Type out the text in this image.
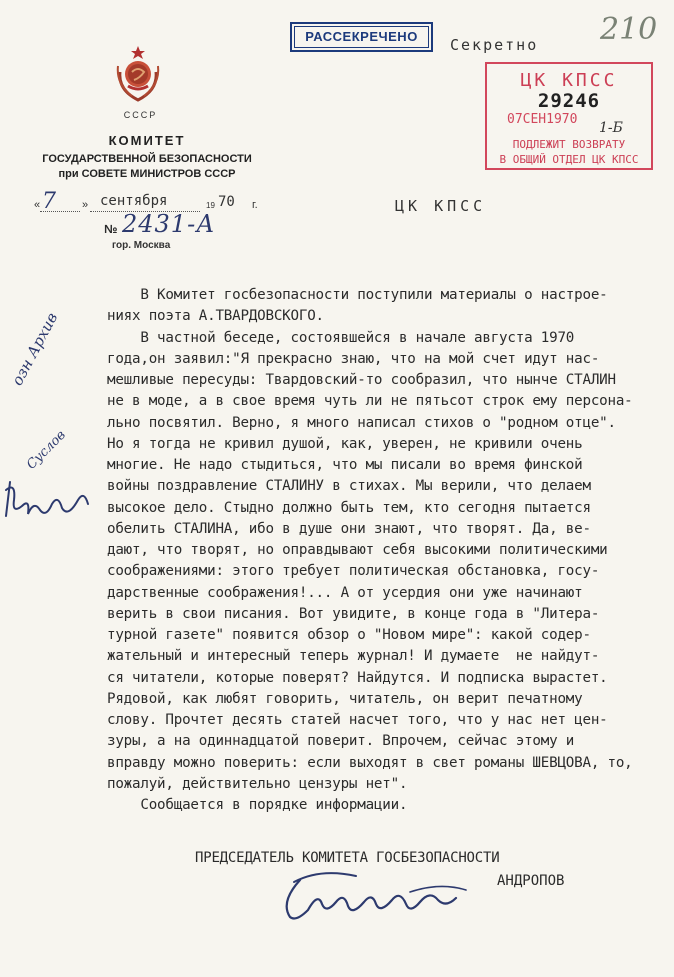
СССР
КОМИТЕТ
ГОСУДАРСТВЕННОЙ БЕЗОПАСНОСТИ
при СОВЕТЕ МИНИСТРОВ СССР
« 7 » сентября	19 70 г.
№ 2431-А
гор. Москва
РАССЕКРЕЧЕНО	Секретно 210
ЦК КПСС
29246
07СЕН1970
1-Б
ПОДЛЕЖИТ ВОЗВРАТУ
В ОБЩИЙ ОТДЕЛ ЦК КПСС
ЦК КПСС
В Комитет госбезопасности поступили материалы о настрое-
ниях поэта А.ТВАРДОВСКОГО.
В частной беседе, состоявшейся в начале августа 1970
года,он заявил:"Я прекрасно знаю, что на мой счет идут нас-
мешливые пересуды: Твардовский-то сообразил, что нынче СТАЛИН
не в моде, а в свое время чуть ли не пятьсот строк ему персона-
льно посвятил. Верно, я много написал стихов о "родном отце".
Но я тогда не кривил душой, как, уверен, не кривили очень
многие. Не надо стыдиться, что мы писали во время финской
войны поздравление СТАЛИНУ в стихах. Мы верили, что делаем
высокое дело. Стыдно должно быть тем, кто сегодня пытается
обелить СТАЛИНА, ибо в душе они знают, что творят. Да, ве-
дают, что творят, но оправдывают себя высокими политическими
соображениями: этого требует политическая обстановка, госу-
дарственные соображения!... А от усердия они уже начинают
верить в свои писания. Вот увидите, в конце года в "Литера-
турной газете" появится обзор о "Новом мире": какой содер-
жательный и интересный теперь журнал! И думаете  не найдут-
ся читатели, которые поверят? Найдутся. И подписка вырастет.
Рядовой, как любят говорить, читатель, он верит печатному
слову. Прочтет десять статей насчет того, что у нас нет цен-
зуры, а на одиннадцатой поверит. Впрочем, сейчас этому и
вправду можно поверить: если выходят в свет романы ШЕВЦОВА, то,
пожалуй, действительно цензуры нет".
Сообщается в порядке информации.
ПРЕДСЕДАТЕЛЬ КОМИТЕТА ГОСБЕЗОПАСНОСТИ
АНДРОПОВ
озн Архив
Суслов
